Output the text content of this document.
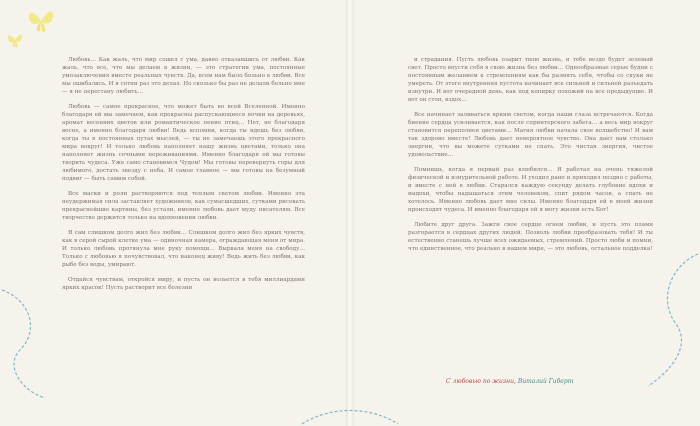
Любовь… Как жаль, что мир сошел с ума, давно отказавшись от любви. Как жаль, что все, что мы делаем в жизни, — это стратегии ума, постоянные умозаключения вместо реальных чувств. Да, всем нам было больно в любви. Все мы ошибались. И я сотни раз это делал. Но сколько бы раз не делали больно мне — я не перестану любить…

Любовь — самое прекрасное, что может быть во всей Вселенной. Именно благодаря ей мы замечаем, как прекрасны распускающиеся почки на деревьях, аромат весенних цветов или романтическое пение птиц… Нет, не благодаря весне, а именно благодаря любви! Ведь вспомни, когда ты идешь без любви, когда ты в постоянных путах мыслей, — ты не замечаешь этого прекрасного мира вокруг! И только любовь наполняет нашу жизнь цветами, только она наполняет жизнь сочными переживаниями. Именно благодаря ей мы готовы творить чудеса. Уже само становимся Чудом! Мы готовы перевернуть горы для любимого, достать звезду с неба. И самое главное — мы готовы на безумный подвиг — быть самим собой.

Все маски и роли растворяются под теплым светом любви. Именно эта неудержимая сила заставляет художников, как сумасшедших, сутками рисовать прекраснейшие картины, без устали, именно любовь дает муду писателям. Все творчество держится только на вдохновении любви.

Я сам слишком долго жил без любви… Слишком долго жил без ярких чувств, как в серой сырой клетке ума — одиночная камера, ограждающая меня от мира. И только любовь протянула мне руку помощи… Вырвала меня на свободу… Только с любовью я почувствовал, что наконец живу! Ведь жить без любви, как рыбе без воды, умирают.

Отдайся чувствам, откройся миру, и пусть он вольется в тебя миллиардами ярких красок! Пусть растворит все болезни

и страдания. Пусть любовь озарит твою жизнь, и тебе везде будет зеленый свет. Просто впусти себя в свою жизнь без любви… Однообразные серые будни с постоянным желанием к стремлениям как бы размять себя, чтобы со скуки не умереть. От этого внутренняя пустота начинает все сильней и сильней разъедать изнутри. И вот очередной день, как под копирку похожий на все предыдущие. И вот он стон, вздох…

Все начинает заливаться ярким светом, когда наши глаза встречаются. Когда биение сердца усиливается, как после спринтерского забега… а весь мир вокруг становится переполнен цветами… Магия любви начала свое волшебство! И вам так здорово вместе! Любовь дает невероятное чувство. Она дает вам столько энергии, что вы можете сутками не спать. Это чистая энергия, чистое удовольствие…

Помнишь, когда я первый раз влюбился… Я работал на очень тяжелой физической и изнурительной работе. И уходил рано и приходил поздно с работы, и вместе с ней в любви. Старался каждую секунду делать глубокие вдохи и выдохи, чтобы надышаться этим человеком, спит рядом часов, а спать не хотелось. Именно любовь дает мне силы. Именно благодаря ей в моей жизни происходят чудеса. И именно благодаря ей я могу жизни есть Бог!

Любите друг друга. Зажги свое сердце огнем любви, и пусть это пламя разгорается в сердцах других людей. Позволь любви преобразовать тебя! И ты естественно станешь лучше всех ожидаемых, стремлений. Просто люби и помни, что единственное, что реально в нашем мире, — это любовь, остальное подделка!

С любовью по жизни, Виталий Гиберт
